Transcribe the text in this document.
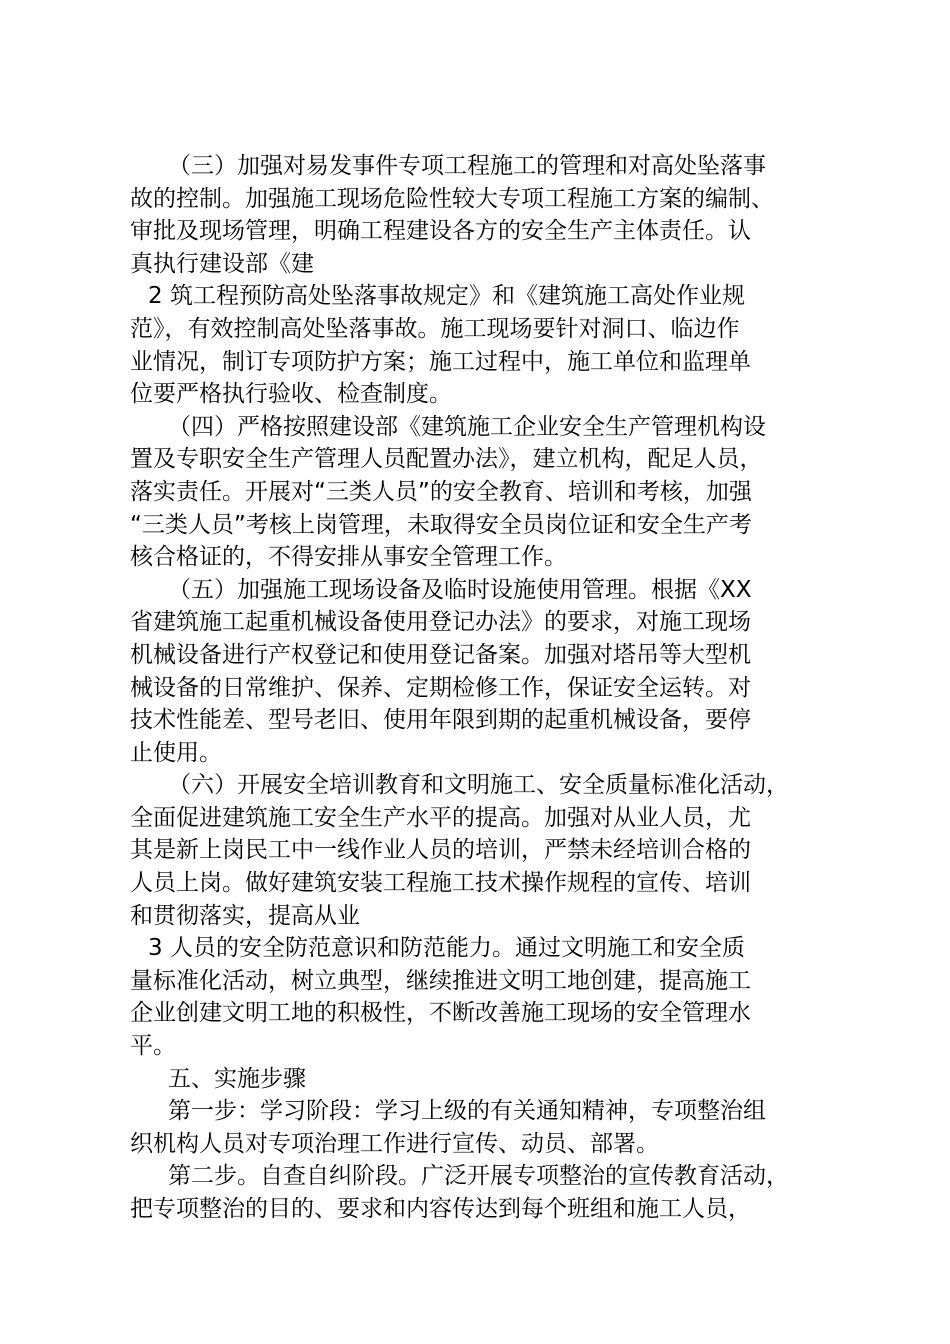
（三）加强对易发事件专项工程施工的管理和对高处坠落事
故的控制。加强施工现场危险性较大专项工程施工方案的编制、
审批及现场管理，明确工程建设各方的安全生产主体责任。认
真执行建设部《建
2 筑工程预防高处坠落事故规定》和《建筑施工高处作业规
范》，有效控制高处坠落事故。施工现场要针对洞口、临边作
业情况，制订专项防护方案；施工过程中，施工单位和监理单
位要严格执行验收、检查制度。
（四）严格按照建设部《建筑施工企业安全生产管理机构设
置及专职安全生产管理人员配置办法》，建立机构，配足人员，
落实责任。开展对“三类人员”的安全教育、培训和考核，加强
“三类人员”考核上岗管理，未取得安全员岗位证和安全生产考
核合格证的，不得安排从事安全管理工作。
（五）加强施工现场设备及临时设施使用管理。根据《XX
省建筑施工起重机械设备使用登记办法》的要求，对施工现场
机械设备进行产权登记和使用登记备案。加强对塔吊等大型机
械设备的日常维护、保养、定期检修工作，保证安全运转。对
技术性能差、型号老旧、使用年限到期的起重机械设备，要停
止使用。
（六）开展安全培训教育和文明施工、安全质量标准化活动，
全面促进建筑施工安全生产水平的提高。加强对从业人员，尤
其是新上岗民工中一线作业人员的培训，严禁未经培训合格的
人员上岗。做好建筑安装工程施工技术操作规程的宣传、培训
和贯彻落实，提高从业
3 人员的安全防范意识和防范能力。通过文明施工和安全质
量标准化活动，树立典型，继续推进文明工地创建，提高施工
企业创建文明工地的积极性，不断改善施工现场的安全管理水
平。
五、实施步骤
第一步：学习阶段：学习上级的有关通知精神，专项整治组
织机构人员对专项治理工作进行宣传、动员、部署。
第二步。自查自纠阶段。广泛开展专项整治的宣传教育活动，
把专项整治的目的、要求和内容传达到每个班组和施工人员，
